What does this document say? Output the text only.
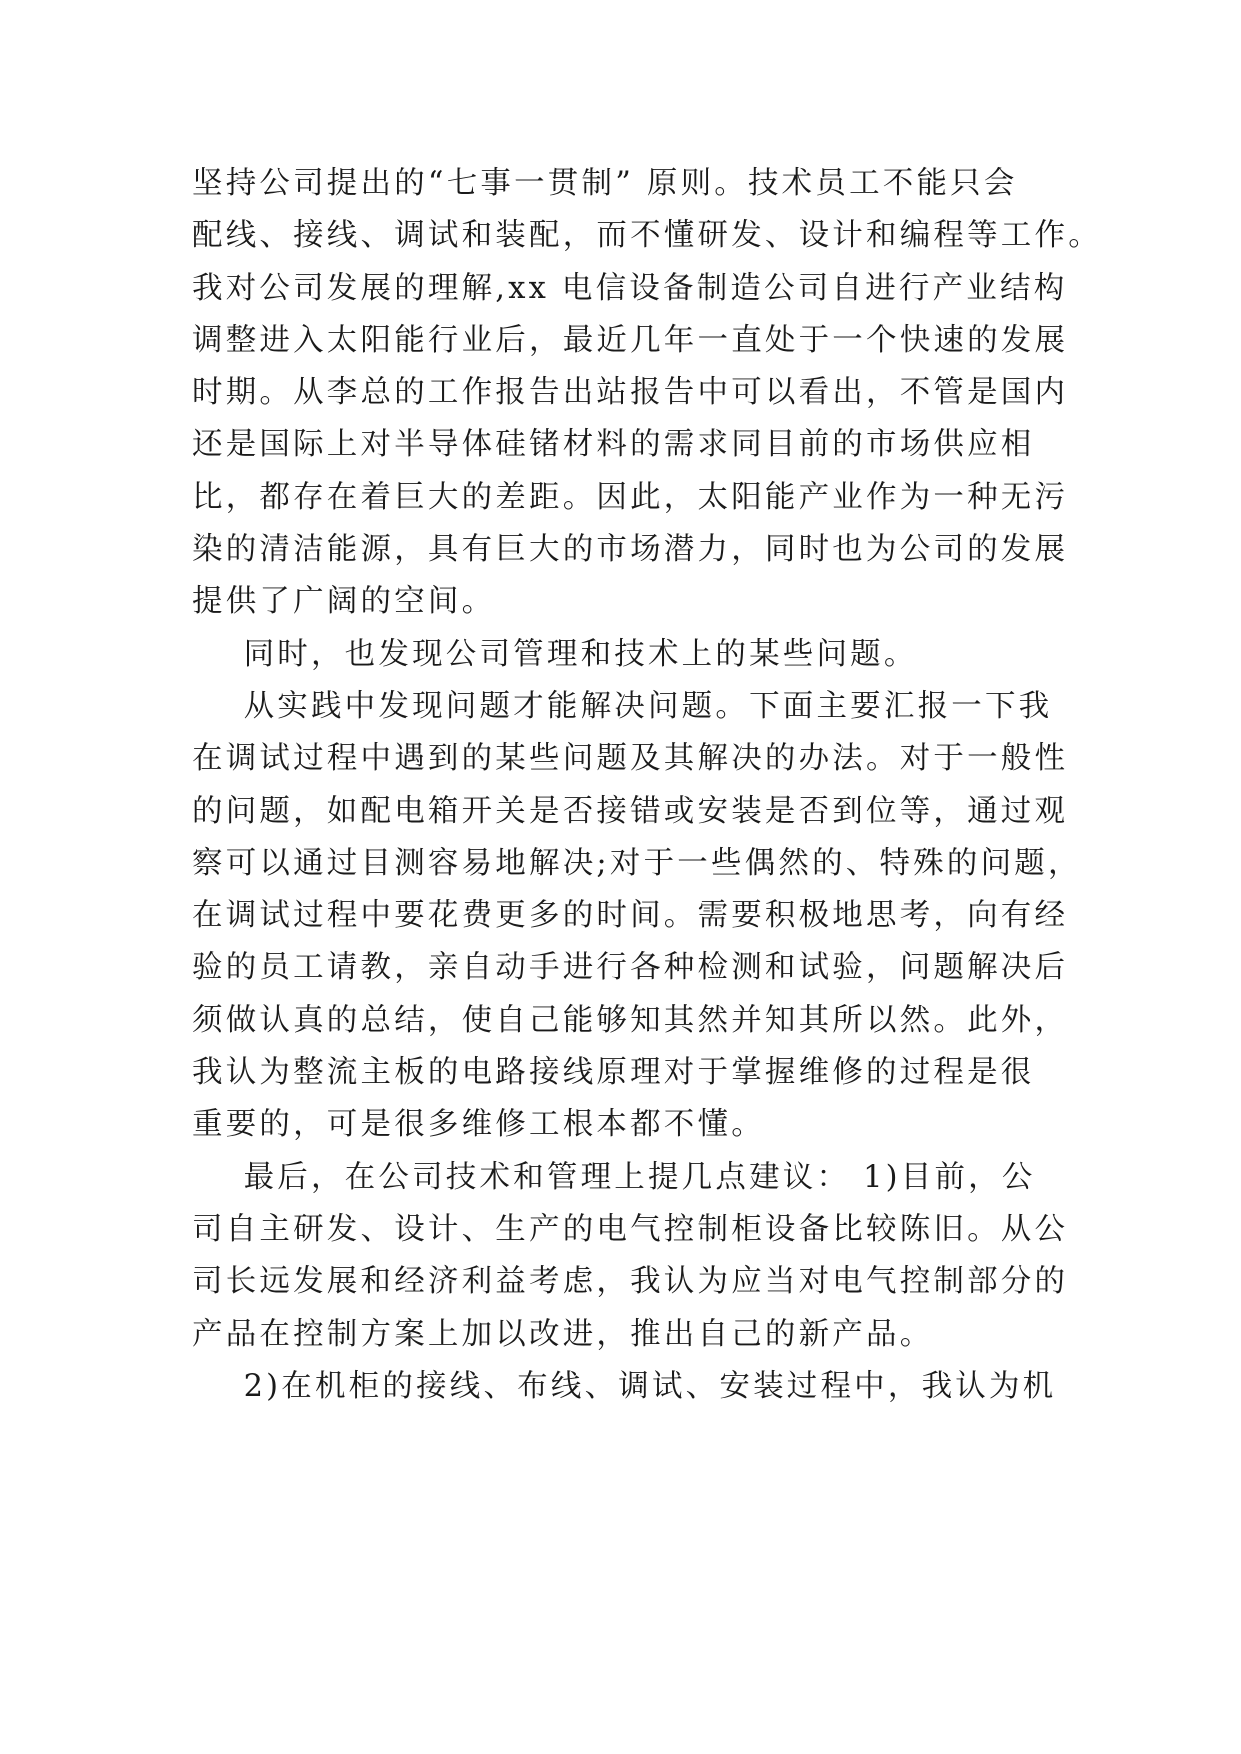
坚持公司提出的“七事一贯制” 原则。技术员工不能只会
配线、接线、调试和装配，而不懂研发、设计和编程等工作。
我对公司发展的理解,xx 电信设备制造公司自进行产业结构
调整进入太阳能行业后，最近几年一直处于一个快速的发展
时期。从李总的工作报告出站报告中可以看出，不管是国内
还是国际上对半导体硅锗材料的需求同目前的市场供应相
比，都存在着巨大的差距。因此，太阳能产业作为一种无污
染的清洁能源，具有巨大的市场潜力，同时也为公司的发展
提供了广阔的空间。
同时，也发现公司管理和技术上的某些问题。
从实践中发现问题才能解决问题。下面主要汇报一下我
在调试过程中遇到的某些问题及其解决的办法。对于一般性
的问题，如配电箱开关是否接错或安装是否到位等，通过观
察可以通过目测容易地解决;对于一些偶然的、特殊的问题，
在调试过程中要花费更多的时间。需要积极地思考，向有经
验的员工请教，亲自动手进行各种检测和试验，问题解决后
须做认真的总结，使自己能够知其然并知其所以然。此外，
我认为整流主板的电路接线原理对于掌握维修的过程是很
重要的，可是很多维修工根本都不懂。
最后，在公司技术和管理上提几点建议： 1)目前，公
司自主研发、设计、生产的电气控制柜设备比较陈旧。从公
司长远发展和经济利益考虑，我认为应当对电气控制部分的
产品在控制方案上加以改进，推出自己的新产品。
2)在机柜的接线、布线、调试、安装过程中，我认为机
